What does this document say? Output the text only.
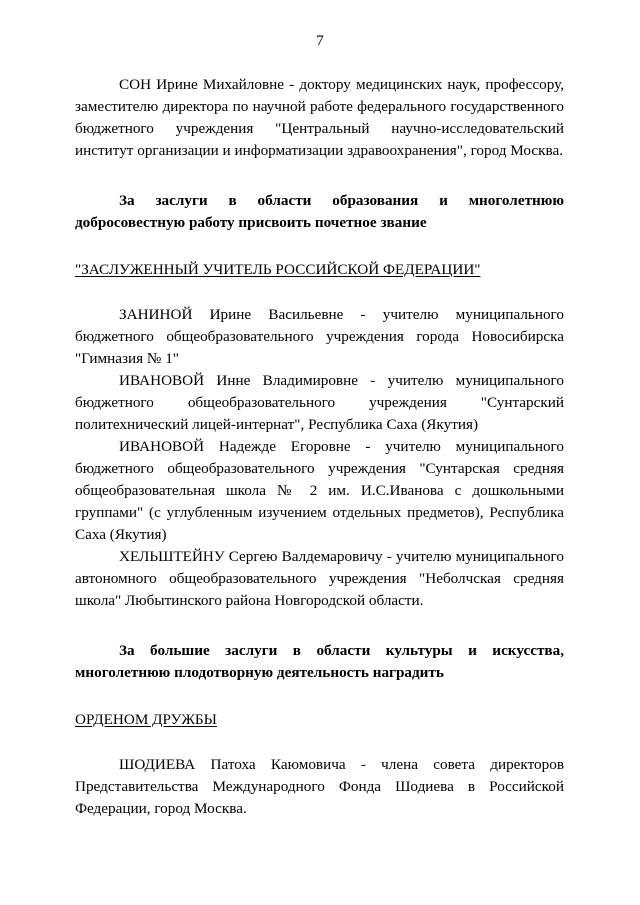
7

СОН Ирине Михайловне - доктору медицинских наук, профессору, заместителю директора по научной работе федерального государственного бюджетного учреждения "Центральный научно-исследовательский институт организации и информатизации здравоохранения", город Москва.

За заслуги в области образования и многолетнюю добросовестную работу присвоить почетное звание

"ЗАСЛУЖЕННЫЙ УЧИТЕЛЬ РОССИЙСКОЙ ФЕДЕРАЦИИ"

ЗАНИНОЙ Ирине Васильевне - учителю муниципального бюджетного общеобразовательного учреждения города Новосибирска "Гимназия № 1"

ИВАНОВОЙ Инне Владимировне - учителю муниципального бюджетного общеобразовательного учреждения "Сунтарский политехнический лицей-интернат", Республика Саха (Якутия)

ИВАНОВОЙ Надежде Егоровне - учителю муниципального бюджетного общеобразовательного учреждения "Сунтарская средняя общеобразовательная школа № 2 им. И.С.Иванова с дошкольными группами" (с углубленным изучением отдельных предметов), Республика Саха (Якутия)

ХЕЛЬШТЕЙНУ Сергею Валдемаровичу - учителю муниципального автономного общеобразовательного учреждения "Неболчская средняя школа" Любытинского района Новгородской области.

За большие заслуги в области культуры и искусства, многолетнюю плодотворную деятельность наградить

ОРДЕНОМ ДРУЖБЫ

ШОДИЕВА Патоха Каюмовича - члена совета директоров Представительства Международного Фонда Шодиева в Российской Федерации, город Москва.
